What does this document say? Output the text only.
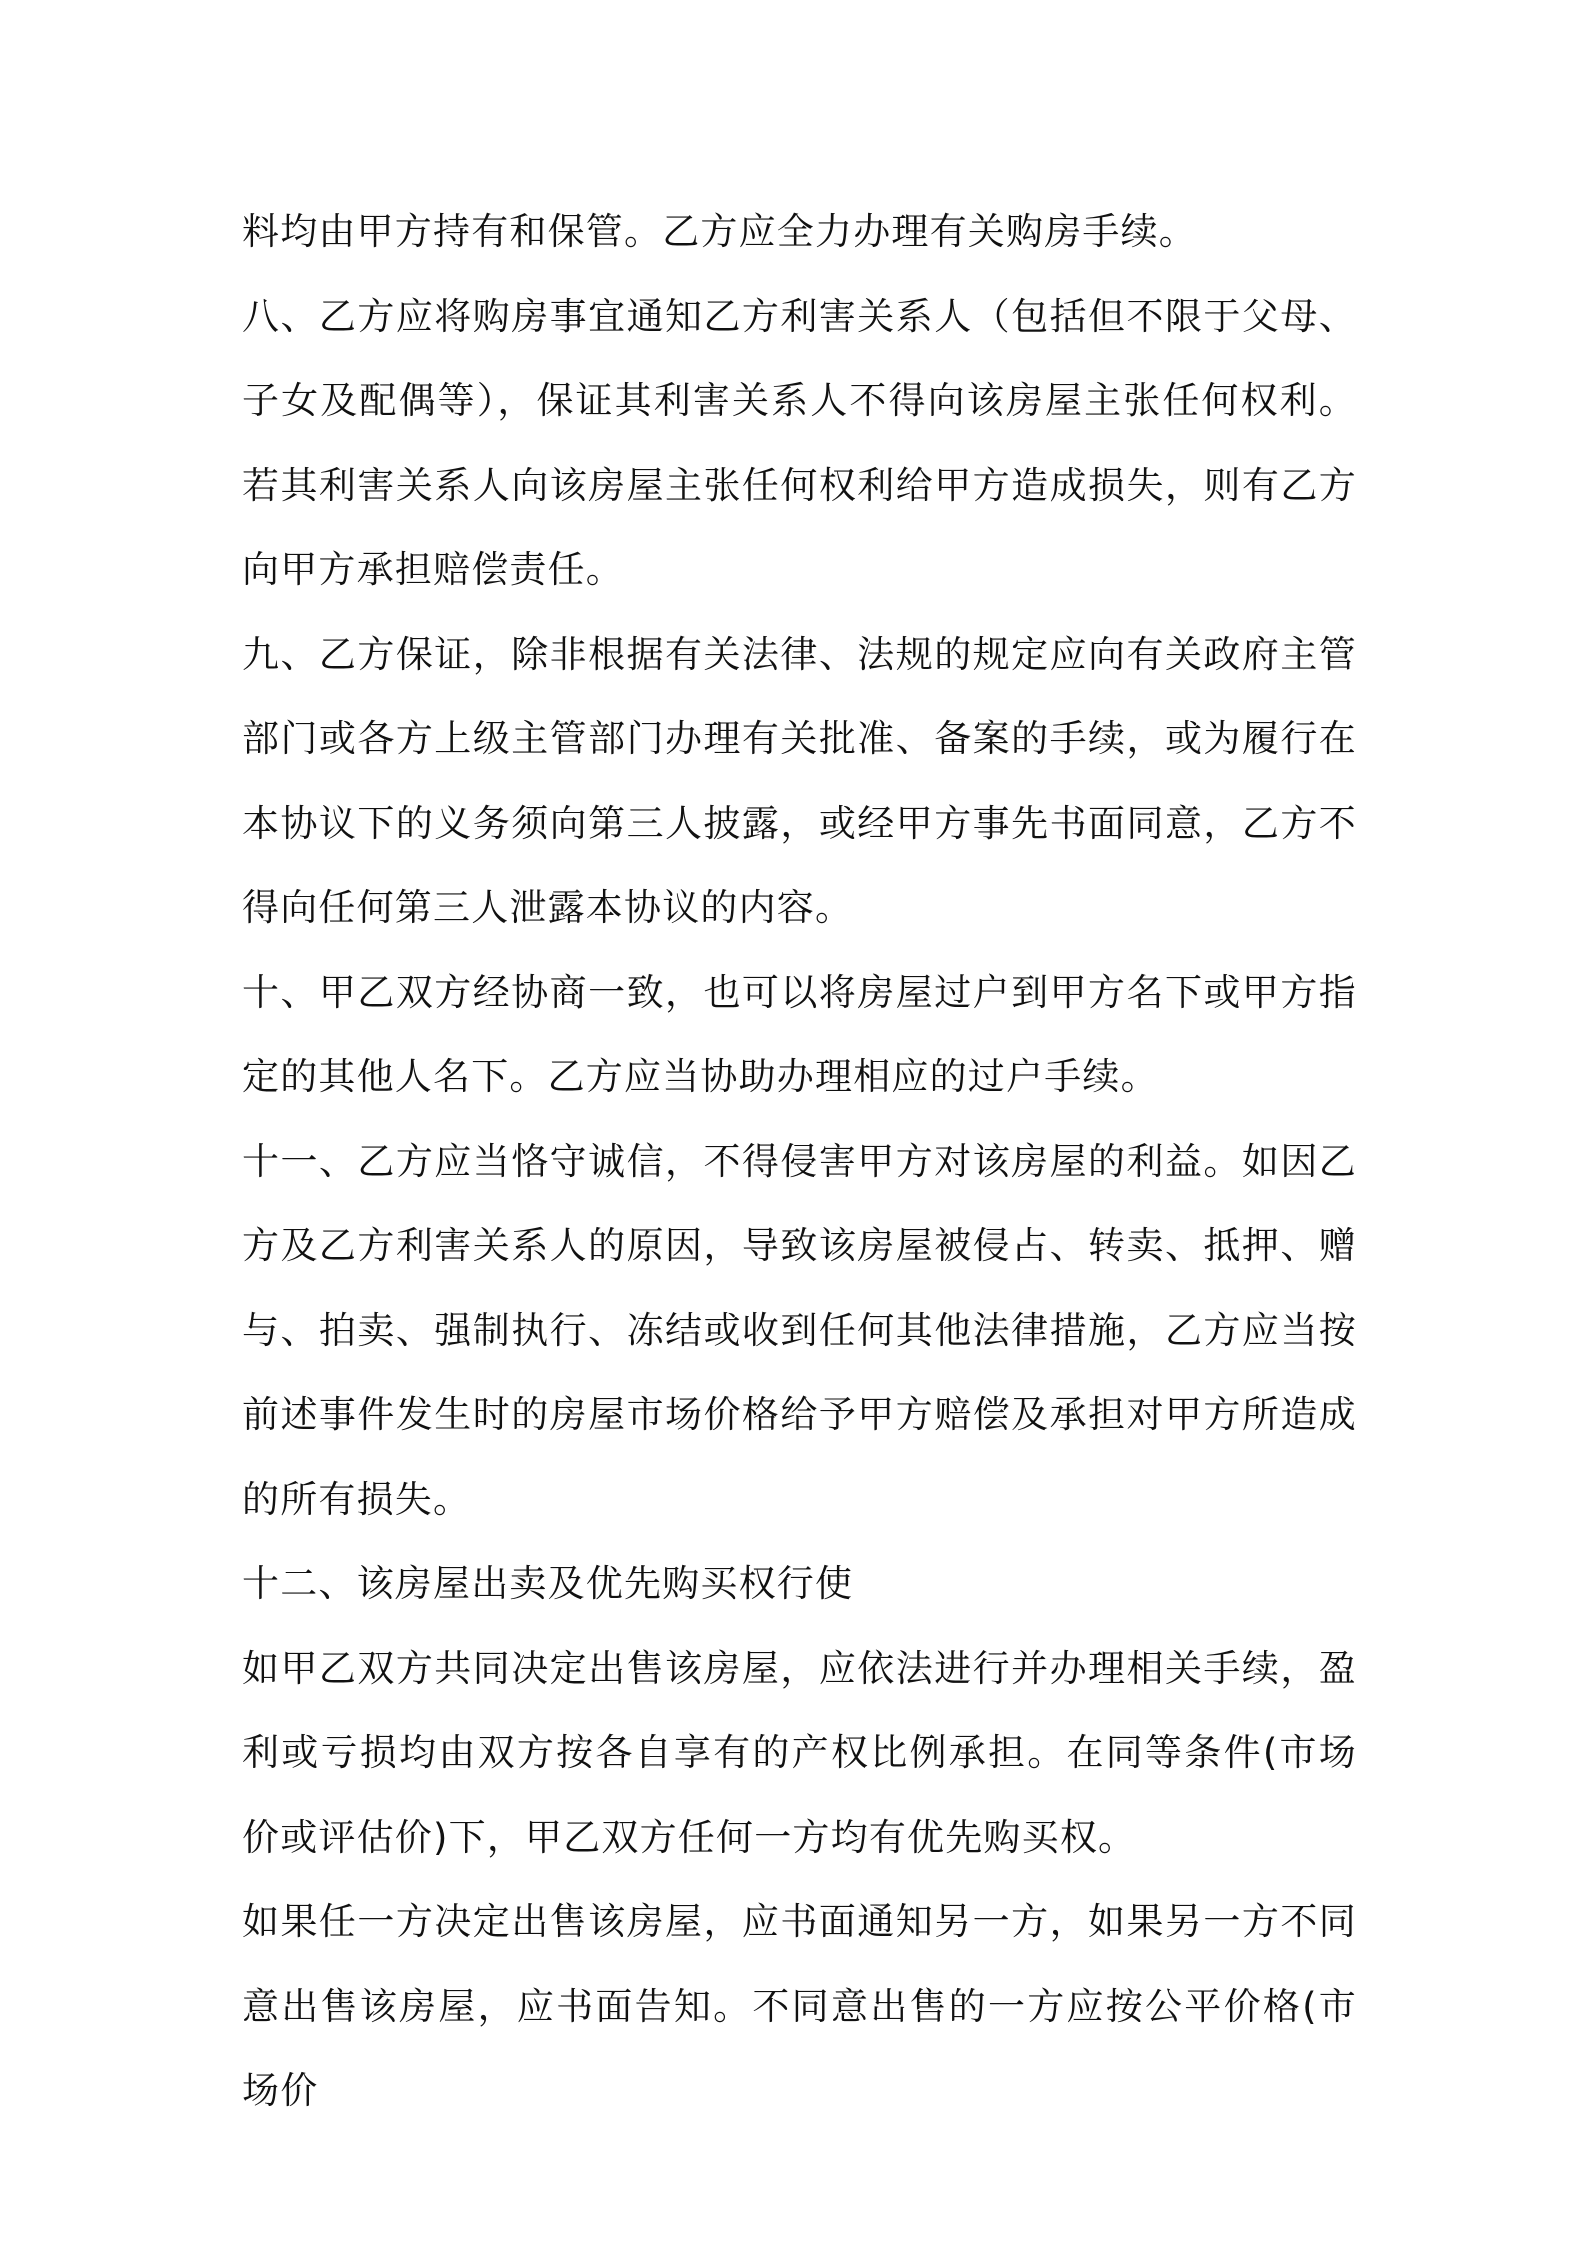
料均由甲方持有和保管。乙方应全力办理有关购房手续。

八、乙方应将购房事宜通知乙方利害关系人（包括但不限于父母、子女及配偶等），保证其利害关系人不得向该房屋主张任何权利。若其利害关系人向该房屋主张任何权利给甲方造成损失，则有乙方向甲方承担赔偿责任。

九、乙方保证，除非根据有关法律、法规的规定应向有关政府主管部门或各方上级主管部门办理有关批准、备案的手续，或为履行在本协议下的义务须向第三人披露，或经甲方事先书面同意，乙方不得向任何第三人泄露本协议的内容。

十、甲乙双方经协商一致，也可以将房屋过户到甲方名下或甲方指定的其他人名下。乙方应当协助办理相应的过户手续。

十一、乙方应当恪守诚信，不得侵害甲方对该房屋的利益。如因乙方及乙方利害关系人的原因，导致该房屋被侵占、转卖、抵押、赠与、拍卖、强制执行、冻结或收到任何其他法律措施，乙方应当按前述事件发生时的房屋市场价格给予甲方赔偿及承担对甲方所造成的所有损失。

十二、该房屋出卖及优先购买权行使

如甲乙双方共同决定出售该房屋，应依法进行并办理相关手续，盈利或亏损均由双方按各自享有的产权比例承担。在同等条件(市场价或评估价)下，甲乙双方任何一方均有优先购买权。

如果任一方决定出售该房屋，应书面通知另一方，如果另一方不同意出售该房屋，应书面告知。不同意出售的一方应按公平价格(市场价
